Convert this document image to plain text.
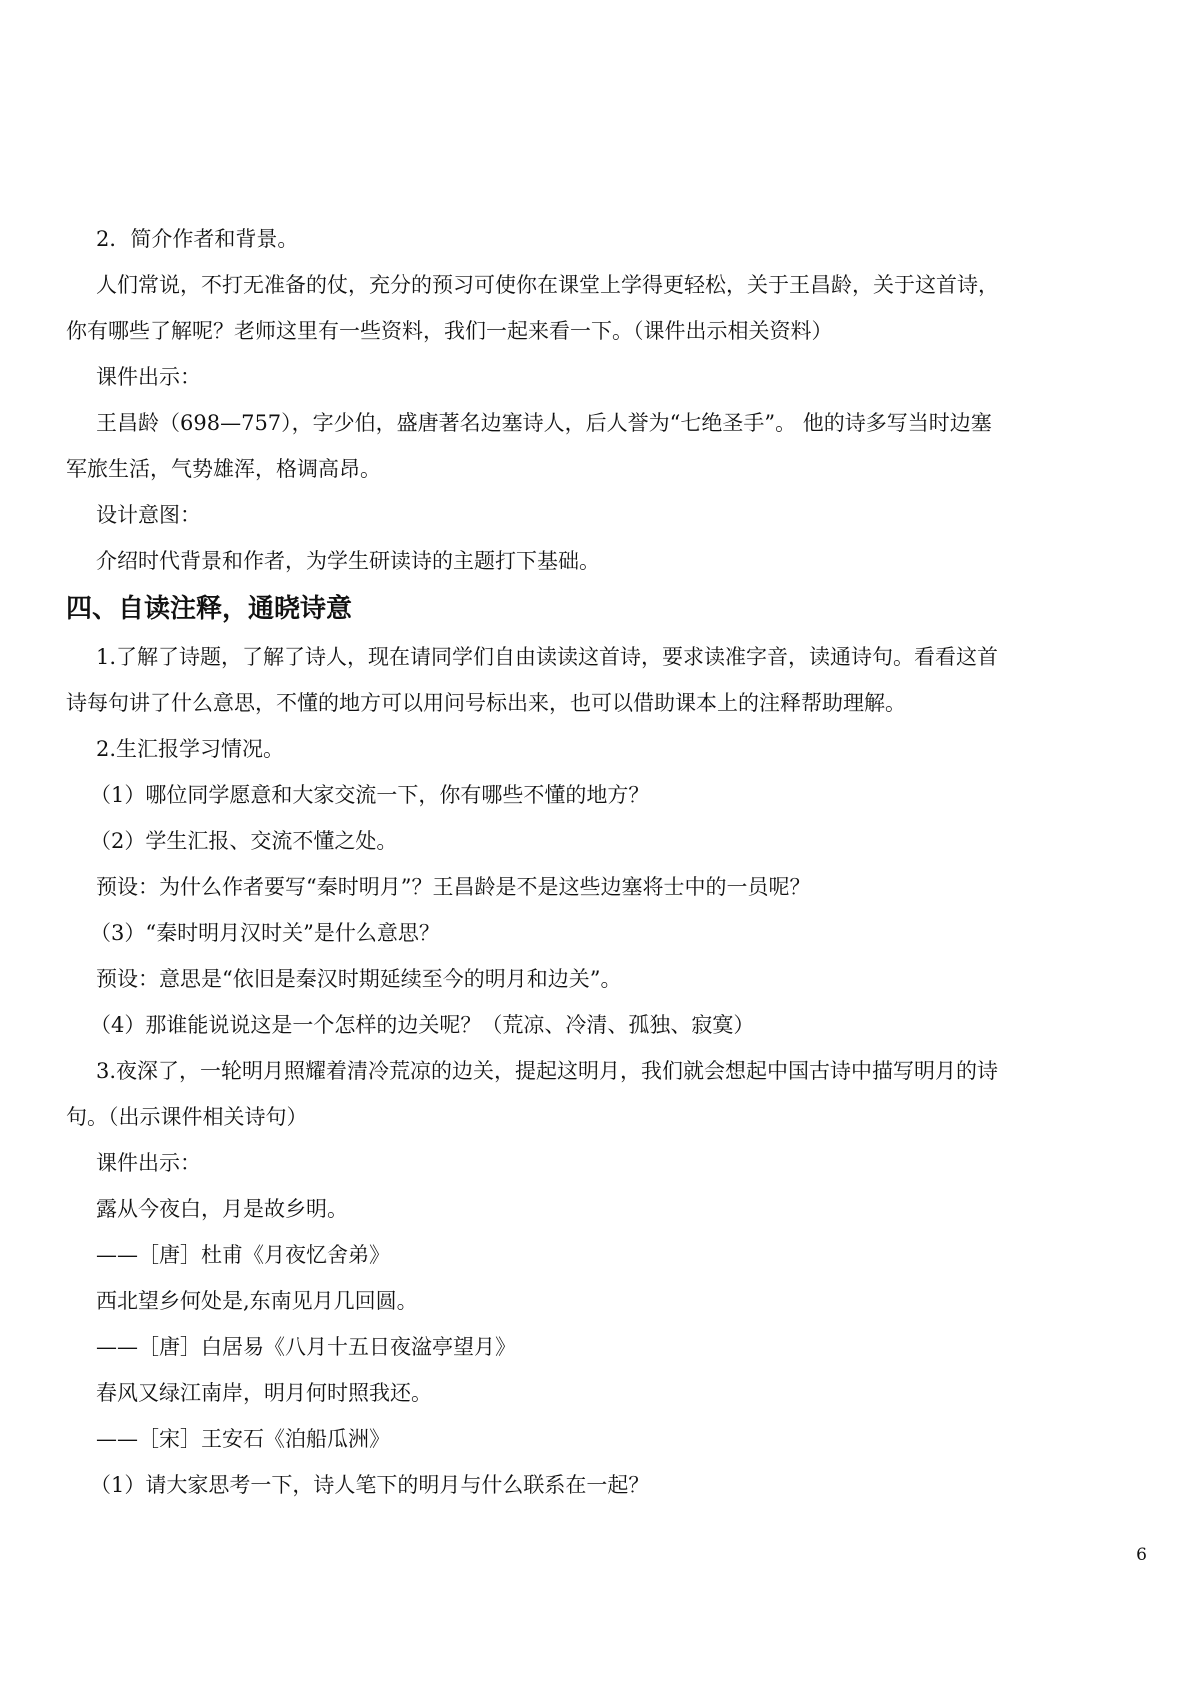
2．简介作者和背景。

人们常说，不打无准备的仗，充分的预习可使你在课堂上学得更轻松，关于王昌龄，关于这首诗，
你有哪些了解呢？老师这里有一些资料，我们一起来看一下。（课件出示相关资料）

课件出示：

王昌龄（698—757），字少伯，盛唐著名边塞诗人，后人誉为“七绝圣手”。 他的诗多写当时边塞
军旅生活，气势雄浑，格调高昂。

设计意图：

介绍时代背景和作者，为学生研读诗的主题打下基础。

四、自读注释，通晓诗意

1.了解了诗题，了解了诗人，现在请同学们自由读读这首诗，要求读准字音，读通诗句。看看这首
诗每句讲了什么意思，不懂的地方可以用问号标出来，也可以借助课本上的注释帮助理解。

2.生汇报学习情况。

（1）哪位同学愿意和大家交流一下，你有哪些不懂的地方？

（2）学生汇报、交流不懂之处。

预设：为什么作者要写“秦时明月”？王昌龄是不是这些边塞将士中的一员呢？

（3）“秦时明月汉时关”是什么意思？

预设：意思是“依旧是秦汉时期延续至今的明月和边关”。

（4）那谁能说说这是一个怎样的边关呢？（荒凉、冷清、孤独、寂寞）

3.夜深了，一轮明月照耀着清冷荒凉的边关，提起这明月，我们就会想起中国古诗中描写明月的诗
句。（出示课件相关诗句）

课件出示：

露从今夜白，月是故乡明。

——［唐］杜甫《月夜忆舍弟》

西北望乡何处是,东南见月几回圆。

——［唐］白居易《八月十五日夜湓亭望月》

春风又绿江南岸，明月何时照我还。

——［宋］王安石《泊船瓜洲》

（1）请大家思考一下，诗人笔下的明月与什么联系在一起？

6
